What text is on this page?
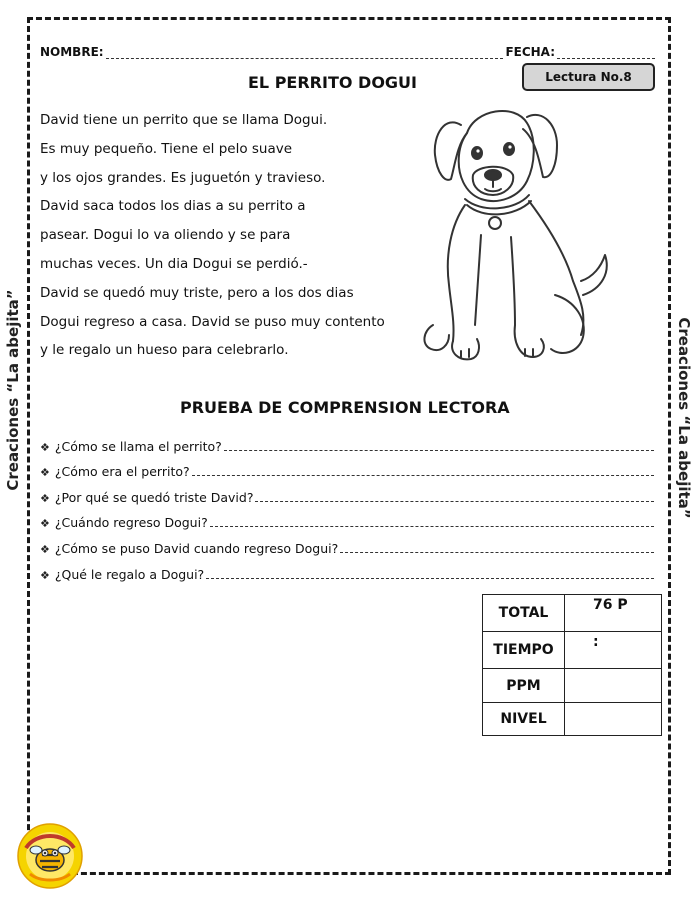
Creaciones “La abejita”	Creaciones “La abejita”
NOMBRE:	FECHA:
EL PERRITO DOGUI	Lectura No.8

David tiene un perrito que se llama Dogui.

Es muy pequeño. Tiene el pelo suave

y los ojos grandes. Es juguetón y travieso.

David saca todos los dias a su perrito a

pasear. Dogui lo va oliendo y se para

muchas veces. Un dia Dogui se perdió.-

David se quedó muy triste, pero a los dos dias

Dogui regreso a casa. David se puso muy contento

y le regalo un hueso para celebrarlo.

PRUEBA DE COMPRENSION LECTORA
❖ ¿Cómo se llama el perrito?
❖ ¿Cómo era el perrito?
❖ ¿Por qué se quedó triste David?
❖ ¿Cuándo regreso Dogui?
❖ ¿Cómo se puso David cuando regreso Dogui?
❖ ¿Qué le regalo a Dogui?
TOTAL	76 P
TIEMPO	:
PPM	
NIVEL	
